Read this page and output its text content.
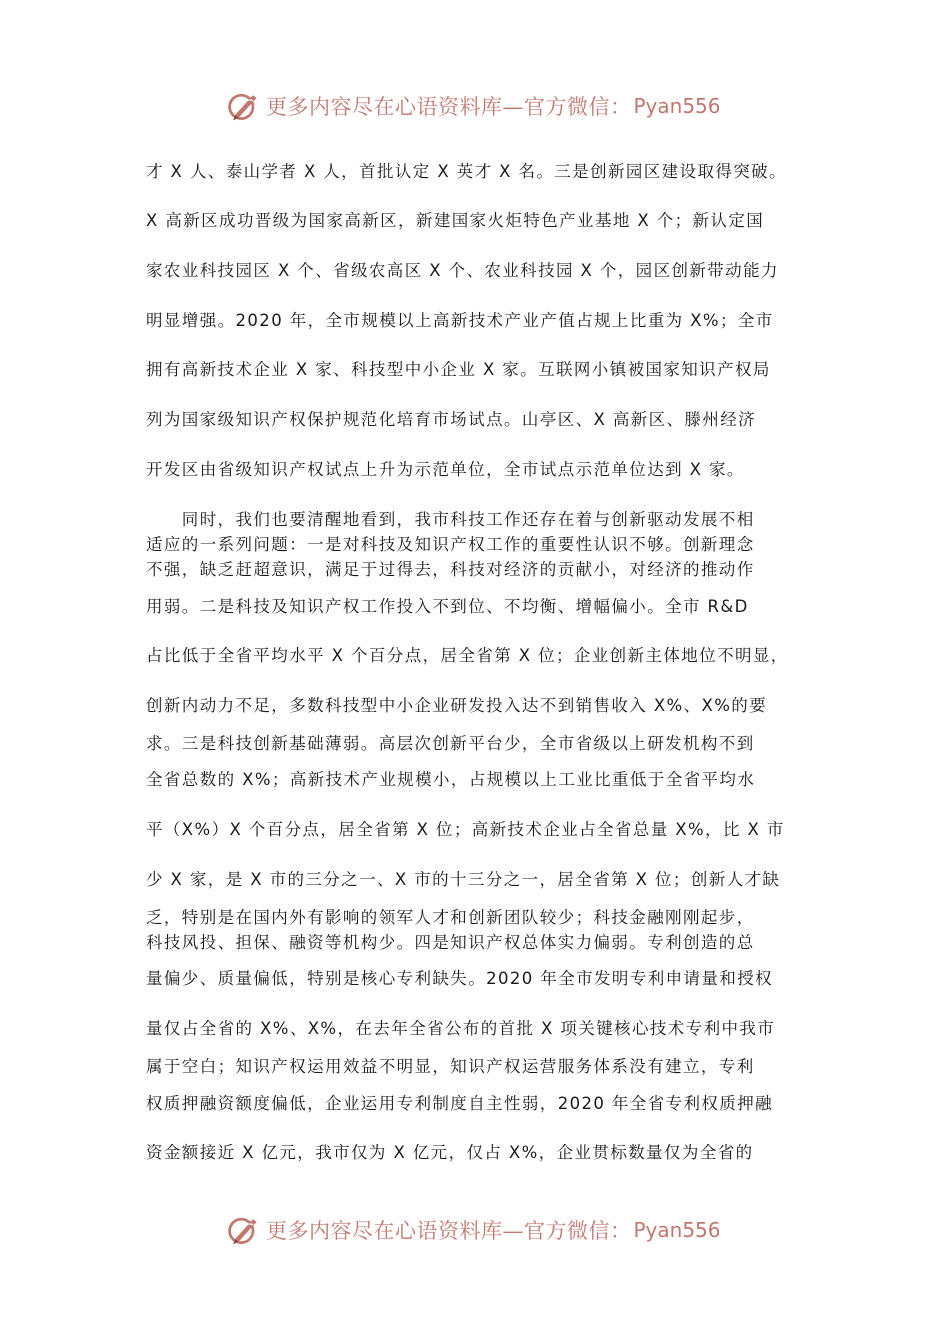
更多内容尽在心语资料库—官方微信： Pyan556
才 X 人、泰山学者 X 人，首批认定 X 英才 X 名。三是创新园区建设取得突破。
X 高新区成功晋级为国家高新区，新建国家火炬特色产业基地 X 个；新认定国
家农业科技园区 X 个、省级农高区 X 个、农业科技园 X 个，园区创新带动能力
明显增强。2020 年，全市规模以上高新技术产业产值占规上比重为 X%；全市
拥有高新技术企业 X 家、科技型中小企业 X 家。互联网小镇被国家知识产权局
列为国家级知识产权保护规范化培育市场试点。山亭区、X 高新区、滕州经济
开发区由省级知识产权试点上升为示范单位，全市试点示范单位达到 X 家。
　　同时，我们也要清醒地看到，我市科技工作还存在着与创新驱动发展不相
适应的一系列问题：一是对科技及知识产权工作的重要性认识不够。创新理念
不强，缺乏赶超意识，满足于过得去，科技对经济的贡献小，对经济的推动作
用弱。二是科技及知识产权工作投入不到位、不均衡、增幅偏小。全市 R&D
占比低于全省平均水平 X 个百分点，居全省第 X 位；企业创新主体地位不明显，
创新内动力不足，多数科技型中小企业研发投入达不到销售收入 X%、X%的要
求。三是科技创新基础薄弱。高层次创新平台少，全市省级以上研发机构不到
全省总数的 X%；高新技术产业规模小，占规模以上工业比重低于全省平均水
平（X%）X 个百分点，居全省第 X 位；高新技术企业占全省总量 X%，比 X 市
少 X 家，是 X 市的三分之一、X 市的十三分之一，居全省第 X 位；创新人才缺
乏，特别是在国内外有影响的领军人才和创新团队较少；科技金融刚刚起步，
科技风投、担保、融资等机构少。四是知识产权总体实力偏弱。专利创造的总
量偏少、质量偏低，特别是核心专利缺失。2020 年全市发明专利申请量和授权
量仅占全省的 X%、X%，在去年全省公布的首批 X 项关键核心技术专利中我市
属于空白；知识产权运用效益不明显，知识产权运营服务体系没有建立，专利
权质押融资额度偏低，企业运用专利制度自主性弱，2020 年全省专利权质押融
资金额接近 X 亿元，我市仅为 X 亿元，仅占 X%，企业贯标数量仅为全省的
更多内容尽在心语资料库—官方微信： Pyan556
